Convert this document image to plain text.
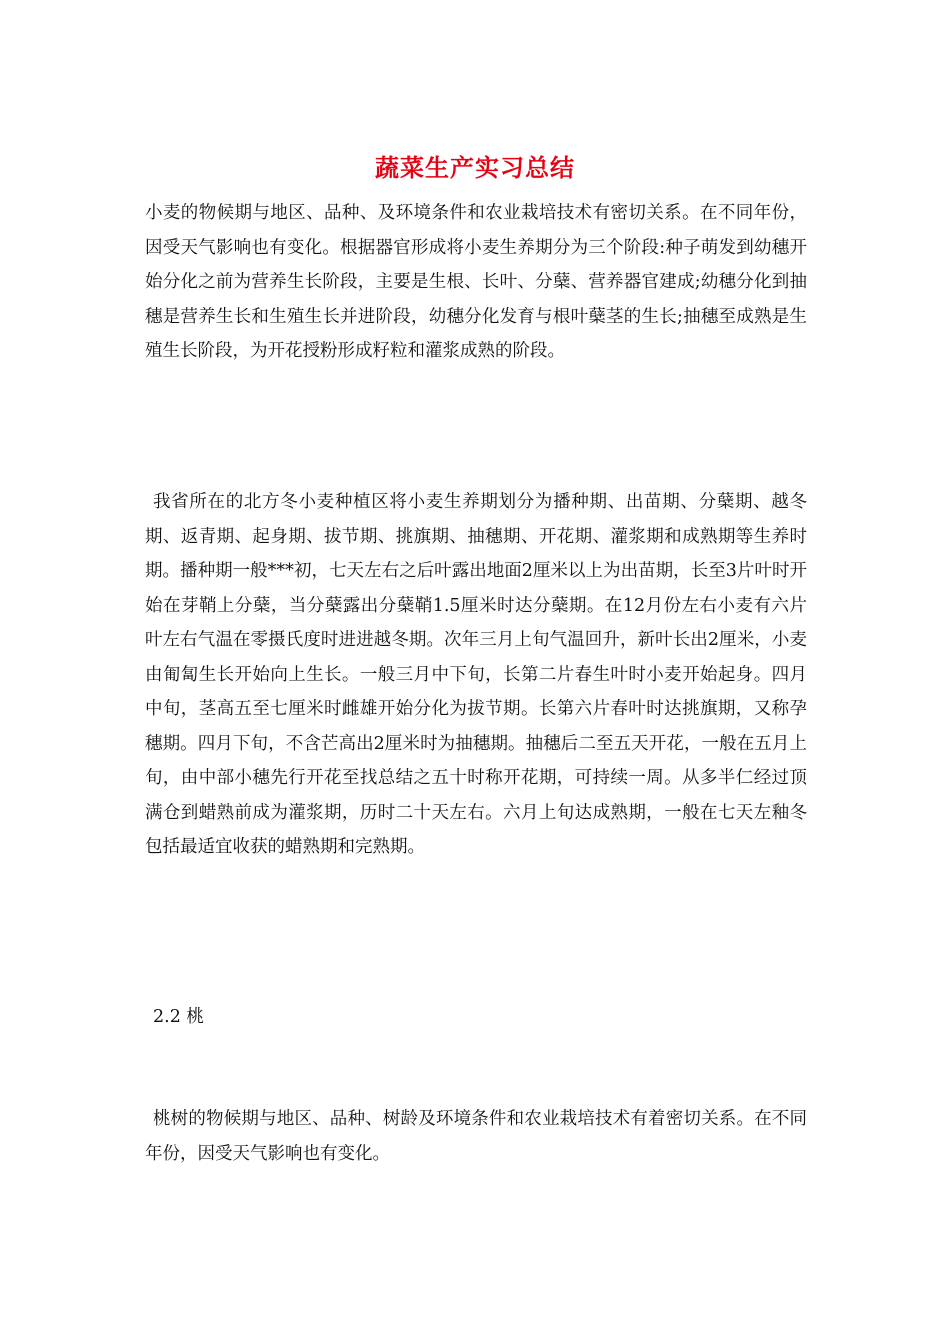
蔬菜生产实习总结
小麦的物候期与地区、品种、及环境条件和农业栽培技术有密切关系。在不同年份，因受天气影响也有变化。根据器官形成将小麦生养期分为三个阶段:种子萌发到幼穗开始分化之前为营养生长阶段，主要是生根、长叶、分蘖、营养器官建成;幼穗分化到抽穗是营养生长和生殖生长并进阶段，幼穗分化发育与根叶蘖茎的生长;抽穗至成熟是生殖生长阶段，为开花授粉形成籽粒和灌浆成熟的阶段。
我省所在的北方冬小麦种植区将小麦生养期划分为播种期、出苗期、分蘖期、越冬期、返青期、起身期、拔节期、挑旗期、抽穗期、开花期、灌浆期和成熟期等生养时期。播种期一般***初，七天左右之后叶露出地面2厘米以上为出苗期，长至3片叶时开始在芽鞘上分蘖，当分蘖露出分蘖鞘1.5厘米时达分蘖期。在12月份左右小麦有六片叶左右气温在零摄氏度时进进越冬期。次年三月上旬气温回升，新叶长出2厘米，小麦由匍匐生长开始向上生长。一般三月中下旬，长第二片春生叶时小麦开始起身。四月中旬，茎高五至七厘米时雌雄开始分化为拔节期。长第六片春叶时达挑旗期，又称孕穗期。四月下旬，不含芒高出2厘米时为抽穗期。抽穗后二至五天开花，一般在五月上旬，由中部小穗先行开花至找总结之五十时称开花期，可持续一周。从多半仁经过顶满仓到蜡熟前成为灌浆期，历时二十天左右。六月上旬达成熟期，一般在七天左釉冬包括最适宜收获的蜡熟期和完熟期。
2.2 桃
桃树的物候期与地区、品种、树龄及环境条件和农业栽培技术有着密切关系。在不同年份，因受天气影响也有变化。
